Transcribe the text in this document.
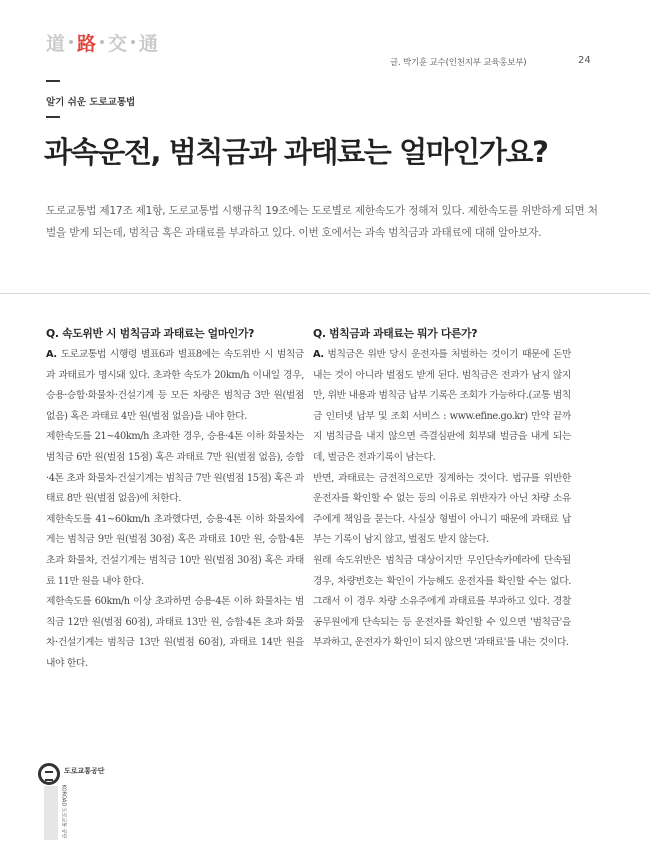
道 路 交 通
글. 박기훈 교수(인천지부 교육홍보부)	24
알기 쉬운 도로교통법
과속운전, 범칙금과 과태료는 얼마인가요?

도로교통법 제17조 제1항, 도로교통법 시행규칙 19조에는 도로별로 제한속도가 정해져 있다. 제한속도를 위반하게 되면 처벌을 받게 되는데, 범칙금 혹은 과태료를 부과하고 있다. 이번 호에서는 과속 범칙금과 과태료에 대해 알아보자.

Q. 속도위반 시 범칙금과 과태료는 얼마인가?

A. 도로교통법 시행령 별표6과 별표8에는 속도위반 시 범칙금과 과태료가 명시돼 있다. 초과한 속도가 20km/h 이내일 경우, 승용·승합·화물차·건설기계 등 모든 차량은 범칙금 3만 원(벌점 없음) 혹은 과태료 4만 원(벌점 없음)을 내야 한다.

제한속도를 21~40km/h 초과한 경우, 승용·4톤 이하 화물차는 범칙금 6만 원(벌점 15점) 혹은 과태료 7만 원(벌점 없음), 승합·4톤 초과 화물차·건설기계는 범칙금 7만 원(벌점 15점) 혹은 과태료 8만 원(벌점 없음)에 처한다.

제한속도를 41~60km/h 초과했다면, 승용·4톤 이하 화물차에게는 범칙금 9만 원(벌점 30점) 혹은 과태료 10만 원, 승합·4톤 초과 화물차, 건설기계는 범칙금 10만 원(벌점 30점) 혹은 과태료 11만 원을 내야 한다.

제한속도를 60km/h 이상 초과하면 승용·4톤 이하 화물차는 범칙금 12만 원(벌점 60점), 과태료 13만 원, 승합·4톤 초과 화물차·건설기계는 범칙금 13만 원(벌점 60점), 과태료 14만 원을 내야 한다.

Q. 범칙금과 과태료는 뭐가 다른가?

A. 범칙금은 위반 당시 운전자를 처벌하는 것이기 때문에 돈만 내는 것이 아니라 벌점도 받게 된다. 범칙금은 전과가 남지 않지만, 위반 내용과 범칙금 납부 기록은 조회가 가능하다.(교통 범칙금 인터넷 납부 및 조회 서비스 : www.efine.go.kr) 만약 끝까지 범칙금을 내지 않으면 즉결심판에 회부돼 벌금을 내게 되는데, 벌금은 전과기록이 남는다.

반면, 과태료는 금전적으로만 징계하는 것이다. 법규를 위반한 운전자를 확인할 수 없는 등의 이유로 위반자가 아닌 차량 소유주에게 책임을 묻는다. 사실상 형벌이 아니기 때문에 과태료 납부는 기록이 남지 않고, 벌점도 받지 않는다.

원래 속도위반은 범칙금 대상이지만 무인단속카메라에 단속될 경우, 차량번호는 확인이 가능해도 운전자를 확인할 수는 없다. 그래서 이 경우 차량 소유주에게 과태료를 부과하고 있다. 경찰공무원에게 단속되는 등 운전자를 확인할 수 있으면 '범칙금'을 부과하고, 운전자가 확인이 되지 않으면 '과태료'를 내는 것이다.

도로교통공단
KOROAD 도로교통 공단
